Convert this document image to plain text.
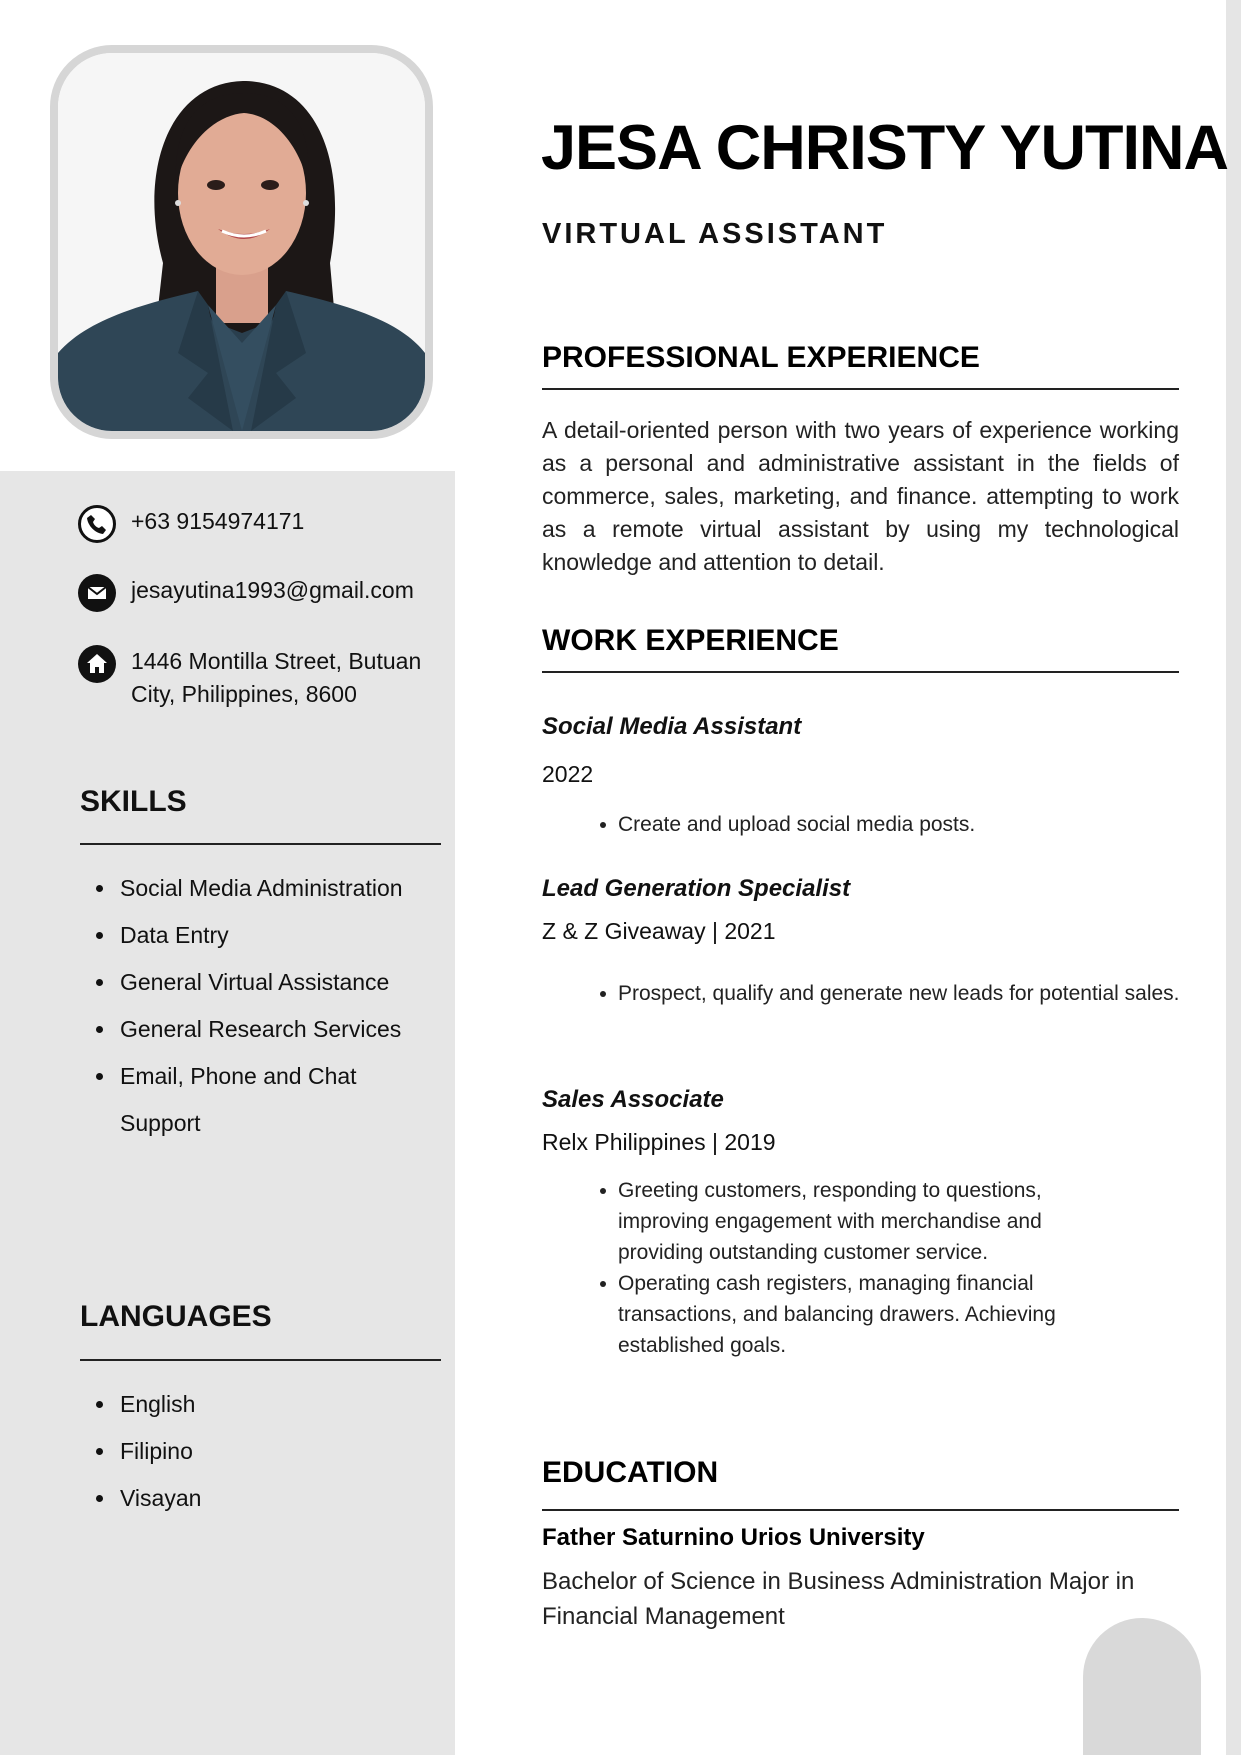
+63 9154974171
jesayutina1993@gmail.com
1446 Montilla Street, Butuan City, Philippines, 8600
SKILLS
Social Media Administration
Data Entry
General Virtual Assistance
General Research Services
Email, Phone and Chat Support
LANGUAGES
English
Filipino
Visayan
JESA CHRISTY YUTINA
VIRTUAL ASSISTANT
PROFESSIONAL EXPERIENCE
A detail-oriented person with two years of experience working as a personal and administrative assistant in the fields of commerce, sales, marketing, and finance. attempting to work as a remote virtual assistant by using my technological knowledge and attention to detail.
WORK EXPERIENCE
Social Media Assistant
2022
Create and upload social media posts.
Lead Generation Specialist
Z & Z Giveaway | 2021
Prospect, qualify and generate new leads for potential sales.
Sales Associate
Relx Philippines | 2019
Greeting customers, responding to questions, improving engagement with merchandise and providing outstanding customer service.
Operating cash registers, managing financial transactions, and balancing drawers. Achieving established goals.
EDUCATION
Father Saturnino Urios University
Bachelor of Science in Business Administration Major in Financial Management
